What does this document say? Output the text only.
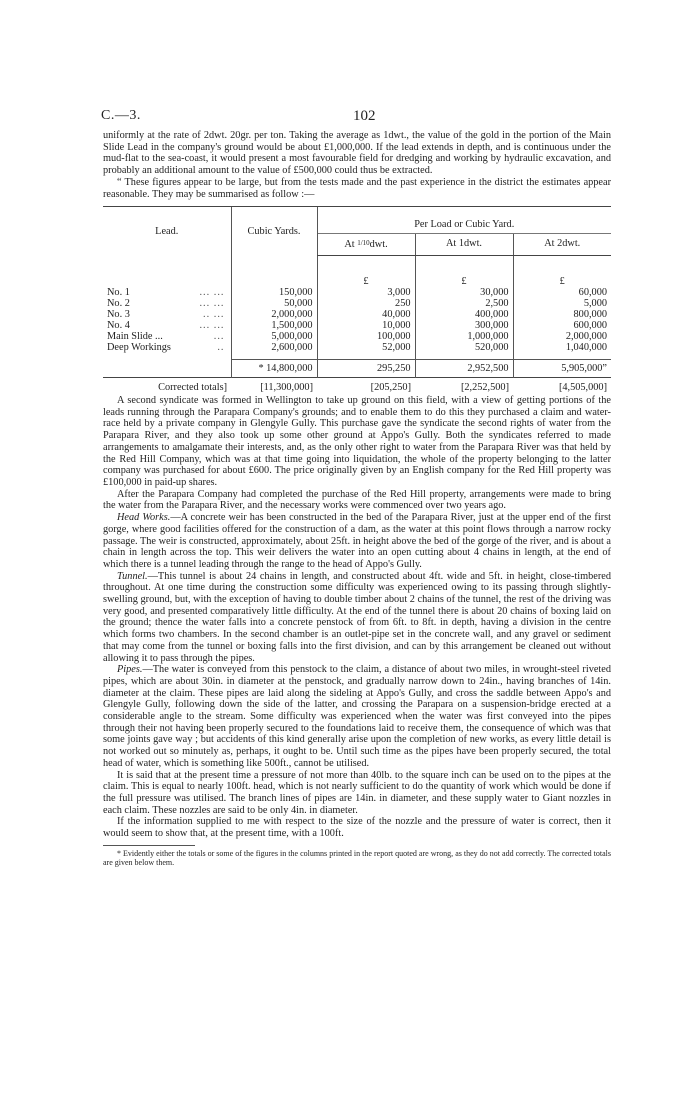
C.—3.	102

uniformly at the rate of 2dwt. 20gr. per ton. Taking the average as 1dwt., the value of the gold in the portion of the Main Slide Lead in the company's ground would be about £1,000,000. If the lead extends in depth, and is continuous under the mud-flat to the sea-coast, it would present a most favourable field for dredging and working by hydraulic excavation, and probably an additional amount to the value of £500,000 could thus be extracted.

“ These figures appear to be large, but from the tests made and the past experience in the district the estimates appear reasonable. They may be summarised as follow :—

Lead.	Cubic Yards.	Per Load or Cubic Yard.		
		At 1/10dwt.	At 1dwt.	At 2dwt.

		£	£	£
No. 1 ... ...	150,000	3,000	30,000	60,000
No. 2 ... ...	50,000	250	2,500	5,000
No. 3 .. ...	2,000,000	40,000	400,000	800,000
No. 4 ... ...	1,500,000	10,000	300,000	600,000
Main Slide ... ...	5,000,000	100,000	1,000,000	2,000,000
Deep Workings ..	2,600,000	52,000	520,000	1,040,000

	* 14,800,000	295,250	2,952,500	5,905,000”

Corrected totals]	[11,300,000]	[205,250]	[2,252,500]	[4,505,000]

A second syndicate was formed in Wellington to take up ground on this field, with a view of getting portions of the leads running through the Parapara Company's grounds; and to enable them to do this they purchased a claim and water-race held by a private company in Glengyle Gully. This purchase gave the syndicate the second rights of water from the Parapara River, and they also took up some other ground at Appo's Gully. Both the syndicates referred to made arrangements to amalgamate their interests, and, as the only other right to water from the Parapara River was that held by the Red Hill Company, which was at that time going into liquidation, the whole of the property belonging to the latter company was purchased for about £600. The price originally given by an English company for the Red Hill property was £100,000 in paid-up shares.

After the Parapara Company had completed the purchase of the Red Hill property, arrangements were made to bring the water from the Parapara River, and the necessary works were commenced over two years ago.

Head Works.—A concrete weir has been constructed in the bed of the Parapara River, just at the upper end of the first gorge, where good facilities offered for the construction of a dam, as the water at this point flows through a narrow rocky passage. The weir is constructed, approximately, about 25ft. in height above the bed of the gorge of the river, and is about a chain in length across the top. This weir delivers the water into an open cutting about 4 chains in length, at the end of which there is a tunnel leading through the range to the head of Appo's Gully.

Tunnel.—This tunnel is about 24 chains in length, and constructed about 4ft. wide and 5ft. in height, close-timbered throughout. At one time during the construction some difficulty was experienced owing to its passing through slightly-swelling ground, but, with the exception of having to double timber about 2 chains of the tunnel, the rest of the driving was very good, and presented comparatively little difficulty. At the end of the tunnel there is about 20 chains of boxing laid on the ground; thence the water falls into a concrete penstock of from 6ft. to 8ft. in depth, having a division in the centre which forms two chambers. In the second chamber is an outlet-pipe set in the concrete wall, and any gravel or sediment that may come from the tunnel or boxing falls into the first division, and can by this arrangement be cleaned out without allowing it to pass through the pipes.

Pipes.—The water is conveyed from this penstock to the claim, a distance of about two miles, in wrought-steel riveted pipes, which are about 30in. in diameter at the penstock, and gradually narrow down to 24in., having branches of 14in. diameter at the claim. These pipes are laid along the sideling at Appo's Gully, and cross the saddle between Appo's and Glengyle Gully, following down the side of the latter, and crossing the Parapara on a suspension-bridge erected at a considerable angle to the stream. Some difficulty was experienced when the water was first conveyed into the pipes through their not having been properly secured to the foundations laid to receive them, the consequence of which was that some joints gave way ; but accidents of this kind generally arise upon the completion of new works, as every little detail is not worked out so minutely as, perhaps, it ought to be. Until such time as the pipes have been properly secured, the total head of water, which is something like 500ft., cannot be utilised.

It is said that at the present time a pressure of not more than 40lb. to the square inch can be used on to the pipes at the claim. This is equal to nearly 100ft. head, which is not nearly sufficient to do the quantity of work which would be done if the full pressure was utilised. The branch lines of pipes are 14in. in diameter, and these supply water to Giant nozzles in each claim. These nozzles are said to be only 4in. in diameter.

If the information supplied to me with respect to the size of the nozzle and the pressure of water is correct, then it would seem to show that, at the present time, with a 100ft.

* Evidently either the totals or some of the figures in the columns printed in the report quoted are wrong, as they do not add correctly. The corrected totals are given below them.
